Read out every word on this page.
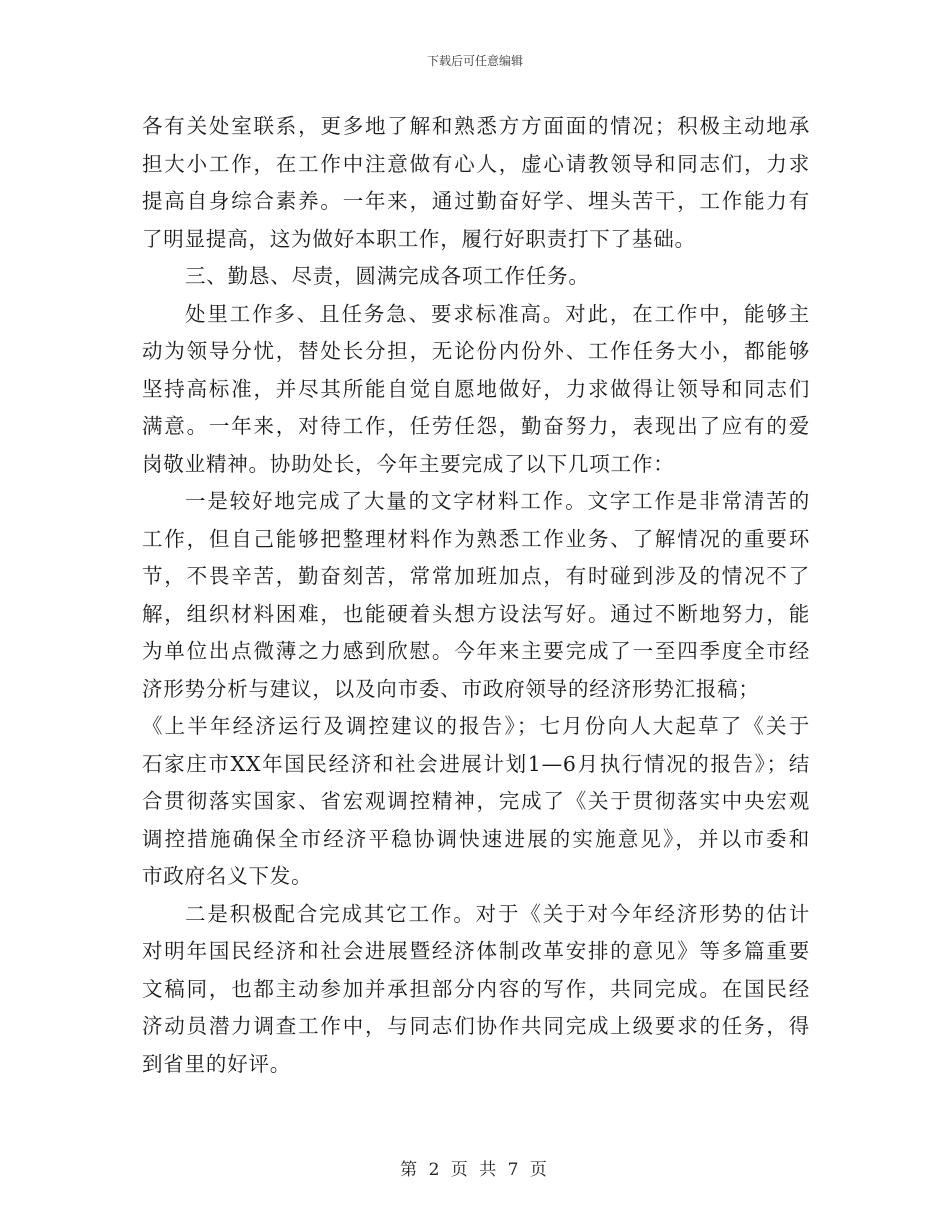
下载后可任意编辑
各有关处室联系，更多地了解和熟悉方方面面的情况；积极主动地承
担大小工作，在工作中注意做有心人，虚心请教领导和同志们，力求
提高自身综合素养。一年来，通过勤奋好学、埋头苦干，工作能力有
了明显提高，这为做好本职工作，履行好职责打下了基础。
三、勤恳、尽责，圆满完成各项工作任务。
处里工作多、且任务急、要求标准高。对此，在工作中，能够主
动为领导分忧，替处长分担，无论份内份外、工作任务大小，都能够
坚持高标准，并尽其所能自觉自愿地做好，力求做得让领导和同志们
满意。一年来，对待工作，任劳任怨，勤奋努力，表现出了应有的爱
岗敬业精神。协助处长，今年主要完成了以下几项工作：
一是较好地完成了大量的文字材料工作。文字工作是非常清苦的
工作，但自己能够把整理材料作为熟悉工作业务、了解情况的重要环
节，不畏辛苦，勤奋刻苦，常常加班加点，有时碰到涉及的情况不了
解，组织材料困难，也能硬着头想方设法写好。通过不断地努力，能
为单位出点微薄之力感到欣慰。今年来主要完成了一至四季度全市经
济形势分析与建议，以及向市委、市政府领导的经济形势汇报稿；
《上半年经济运行及调控建议的报告》；七月份向人大起草了《关于
石家庄市XX年国民经济和社会进展计划1—6月执行情况的报告》；结
合贯彻落实国家、省宏观调控精神，完成了《关于贯彻落实中央宏观
调控措施确保全市经济平稳协调快速进展的实施意见》，并以市委和
市政府名义下发。
二是积极配合完成其它工作。对于《关于对今年经济形势的估计
对明年国民经济和社会进展暨经济体制改革安排的意见》等多篇重要
文稿同，也都主动参加并承担部分内容的写作，共同完成。在国民经
济动员潜力调查工作中，与同志们协作共同完成上级要求的任务，得
到省里的好评。
第 2 页 共 7 页
